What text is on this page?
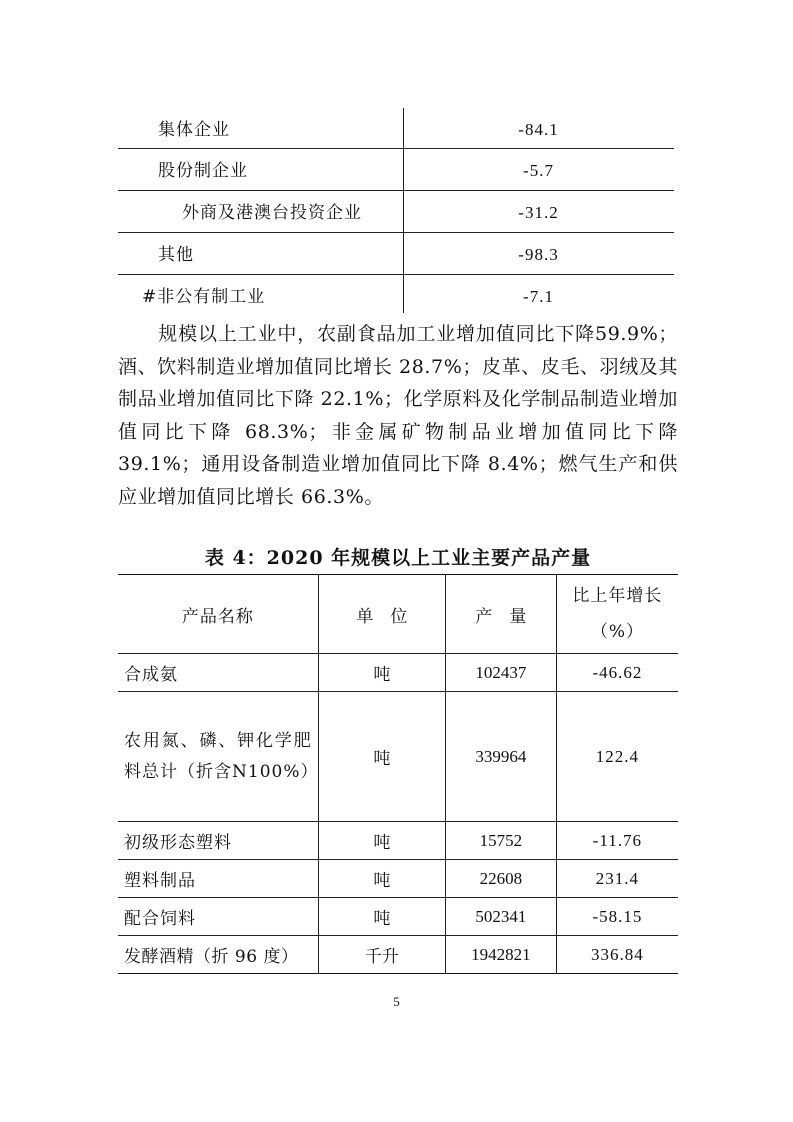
集体企业	-84.1
股份制企业	-5.7
外商及港澳台投资企业	-31.2
其他	-98.3
#非公有制工业	-7.1
规模以上工业中，农副食品加工业增加值同比下降59.9%；酒、饮料制造业增加值同比增长 28.7%；皮革、皮毛、羽绒及其制品业增加值同比下降 22.1%；化学原料及化学制品制造业增加值同比下降 68.3%；非金属矿物制品业增加值同比下降 39.1%；通用设备制造业增加值同比下降 8.4%；燃气生产和供应业增加值同比增长 66.3%。
表 4：2020 年规模以上工业主要产品产量
产品名称	单　位	产　量	比上年增长
（%）

合成氨	吨	102437	-46.62
农用氮、磷、钾化学肥料总计（折含N100%）	吨	339964	122.4
初级形态塑料	吨	15752	-11.76
塑料制品	吨	22608	231.4
配合饲料	吨	502341	-58.15
发酵酒精（折 96 度）	千升	1942821	336.84
5
